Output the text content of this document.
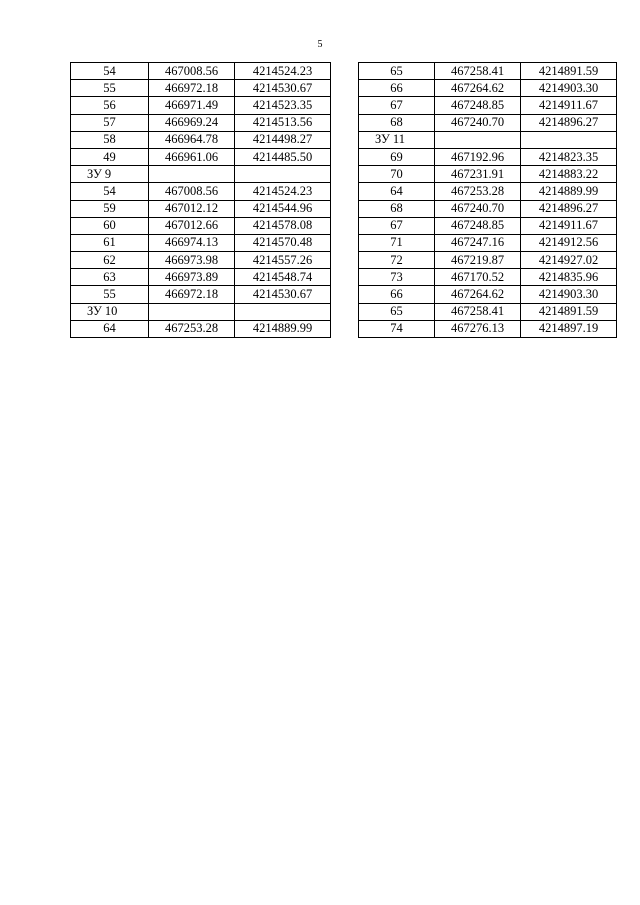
5
54	467008.56	4214524.23
55	466972.18	4214530.67
56	466971.49	4214523.35
57	466969.24	4214513.56
58	466964.78	4214498.27
49	466961.06	4214485.50
ЗУ 9		
54	467008.56	4214524.23
59	467012.12	4214544.96
60	467012.66	4214578.08
61	466974.13	4214570.48
62	466973.98	4214557.26
63	466973.89	4214548.74
55	466972.18	4214530.67
ЗУ 10		
64	467253.28	4214889.99
65	467258.41	4214891.59
66	467264.62	4214903.30
67	467248.85	4214911.67
68	467240.70	4214896.27
ЗУ 11		
69	467192.96	4214823.35
70	467231.91	4214883.22
64	467253.28	4214889.99
68	467240.70	4214896.27
67	467248.85	4214911.67
71	467247.16	4214912.56
72	467219.87	4214927.02
73	467170.52	4214835.96
66	467264.62	4214903.30
65	467258.41	4214891.59
74	467276.13	4214897.19
